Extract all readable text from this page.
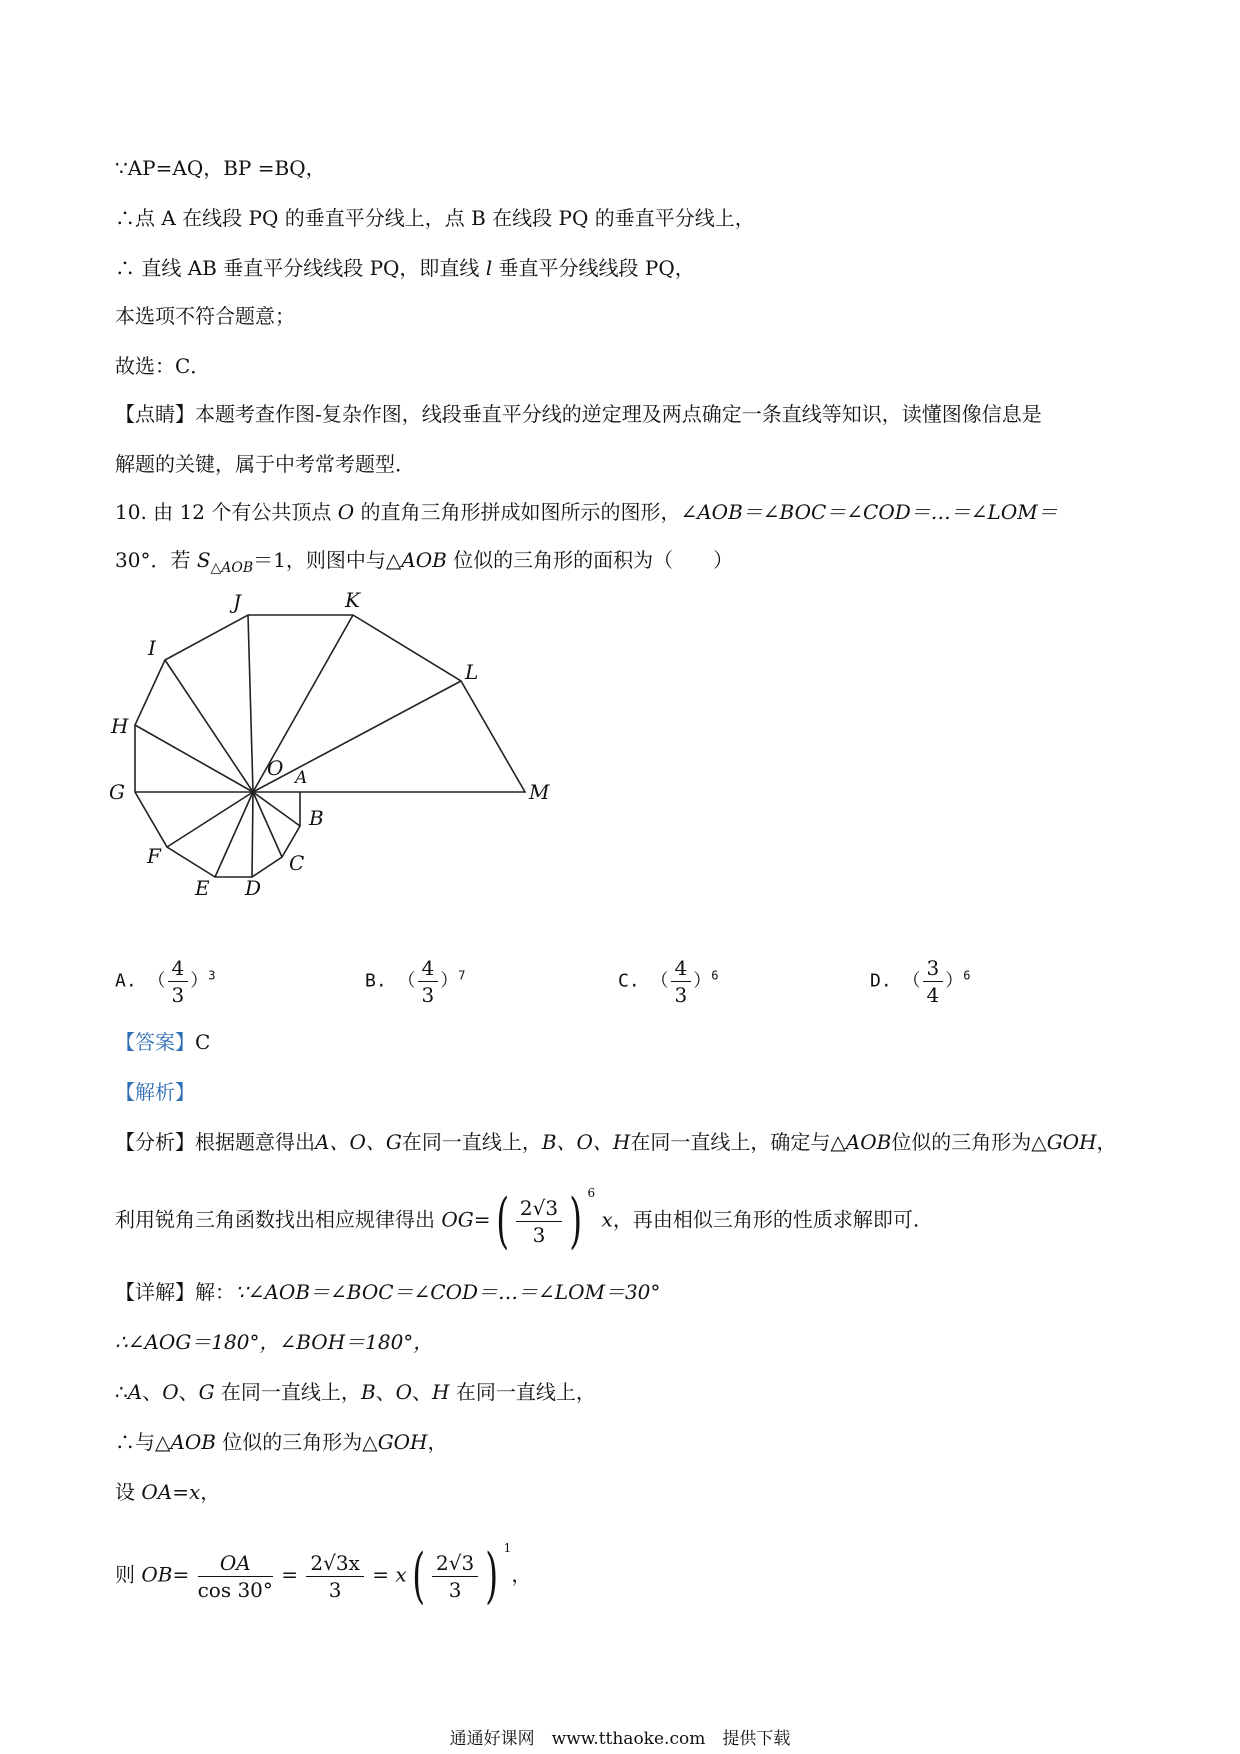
∵AP=AQ，BP =BQ，
∴点 A 在线段 PQ 的垂直平分线上，点 B 在线段 PQ 的垂直平分线上，
∴ 直线 AB 垂直平分线线段 PQ，即直线 l 垂直平分线线段 PQ，
本选项不符合题意；
故选：C．
【点睛】本题考查作图-复杂作图，线段垂直平分线的逆定理及两点确定一条直线等知识，读懂图像信息是
解题的关键，属于中考常考题型．
10. 由 12 个有公共顶点 O 的直角三角形拼成如图所示的图形，∠AOB＝∠BOC＝∠COD＝…＝∠LOM＝
30°．若 $S_{\triangle AOB}=1$，则图中与△AOB 位似的三角形的面积为（　　）
J	K
I
L
H
O A
G	M
B
F	C
E D
A. （ $\frac{4}{3} )^3$	B. （ $\frac{4}{3} )^7$	C. （ $\frac{4}{3} )^6$	D. （ $\frac{3}{4} )^6$
【答案】C
【解析】
【分析】根据题意得出A、O、G在同一直线上，B、O、H在同一直线上，确定与△AOB位似的三角形为△GOH，
利用锐角三角函数找出相应规律得出 $OG=( \frac{2√3}{3}$ ) $^6$ x，再由相似三角形的性质求解即可.
【详解】解：∵∠AOB＝∠BOC＝∠COD＝…＝∠LOM＝30°
∴∠AOG＝180°，∠BOH＝180°，
∴A、O、G 在同一直线上，B、O、H 在同一直线上，
∴与△AOB 位似的三角形为△GOH，
设 OA=x，
则 $OB= \frac{OA}{\cos 30^\circ} = \frac{2√3x}{3} = x( \frac{2√3}{3}$ ) $^1$，
通通好课网　www.tthaoke.com　提供下载
